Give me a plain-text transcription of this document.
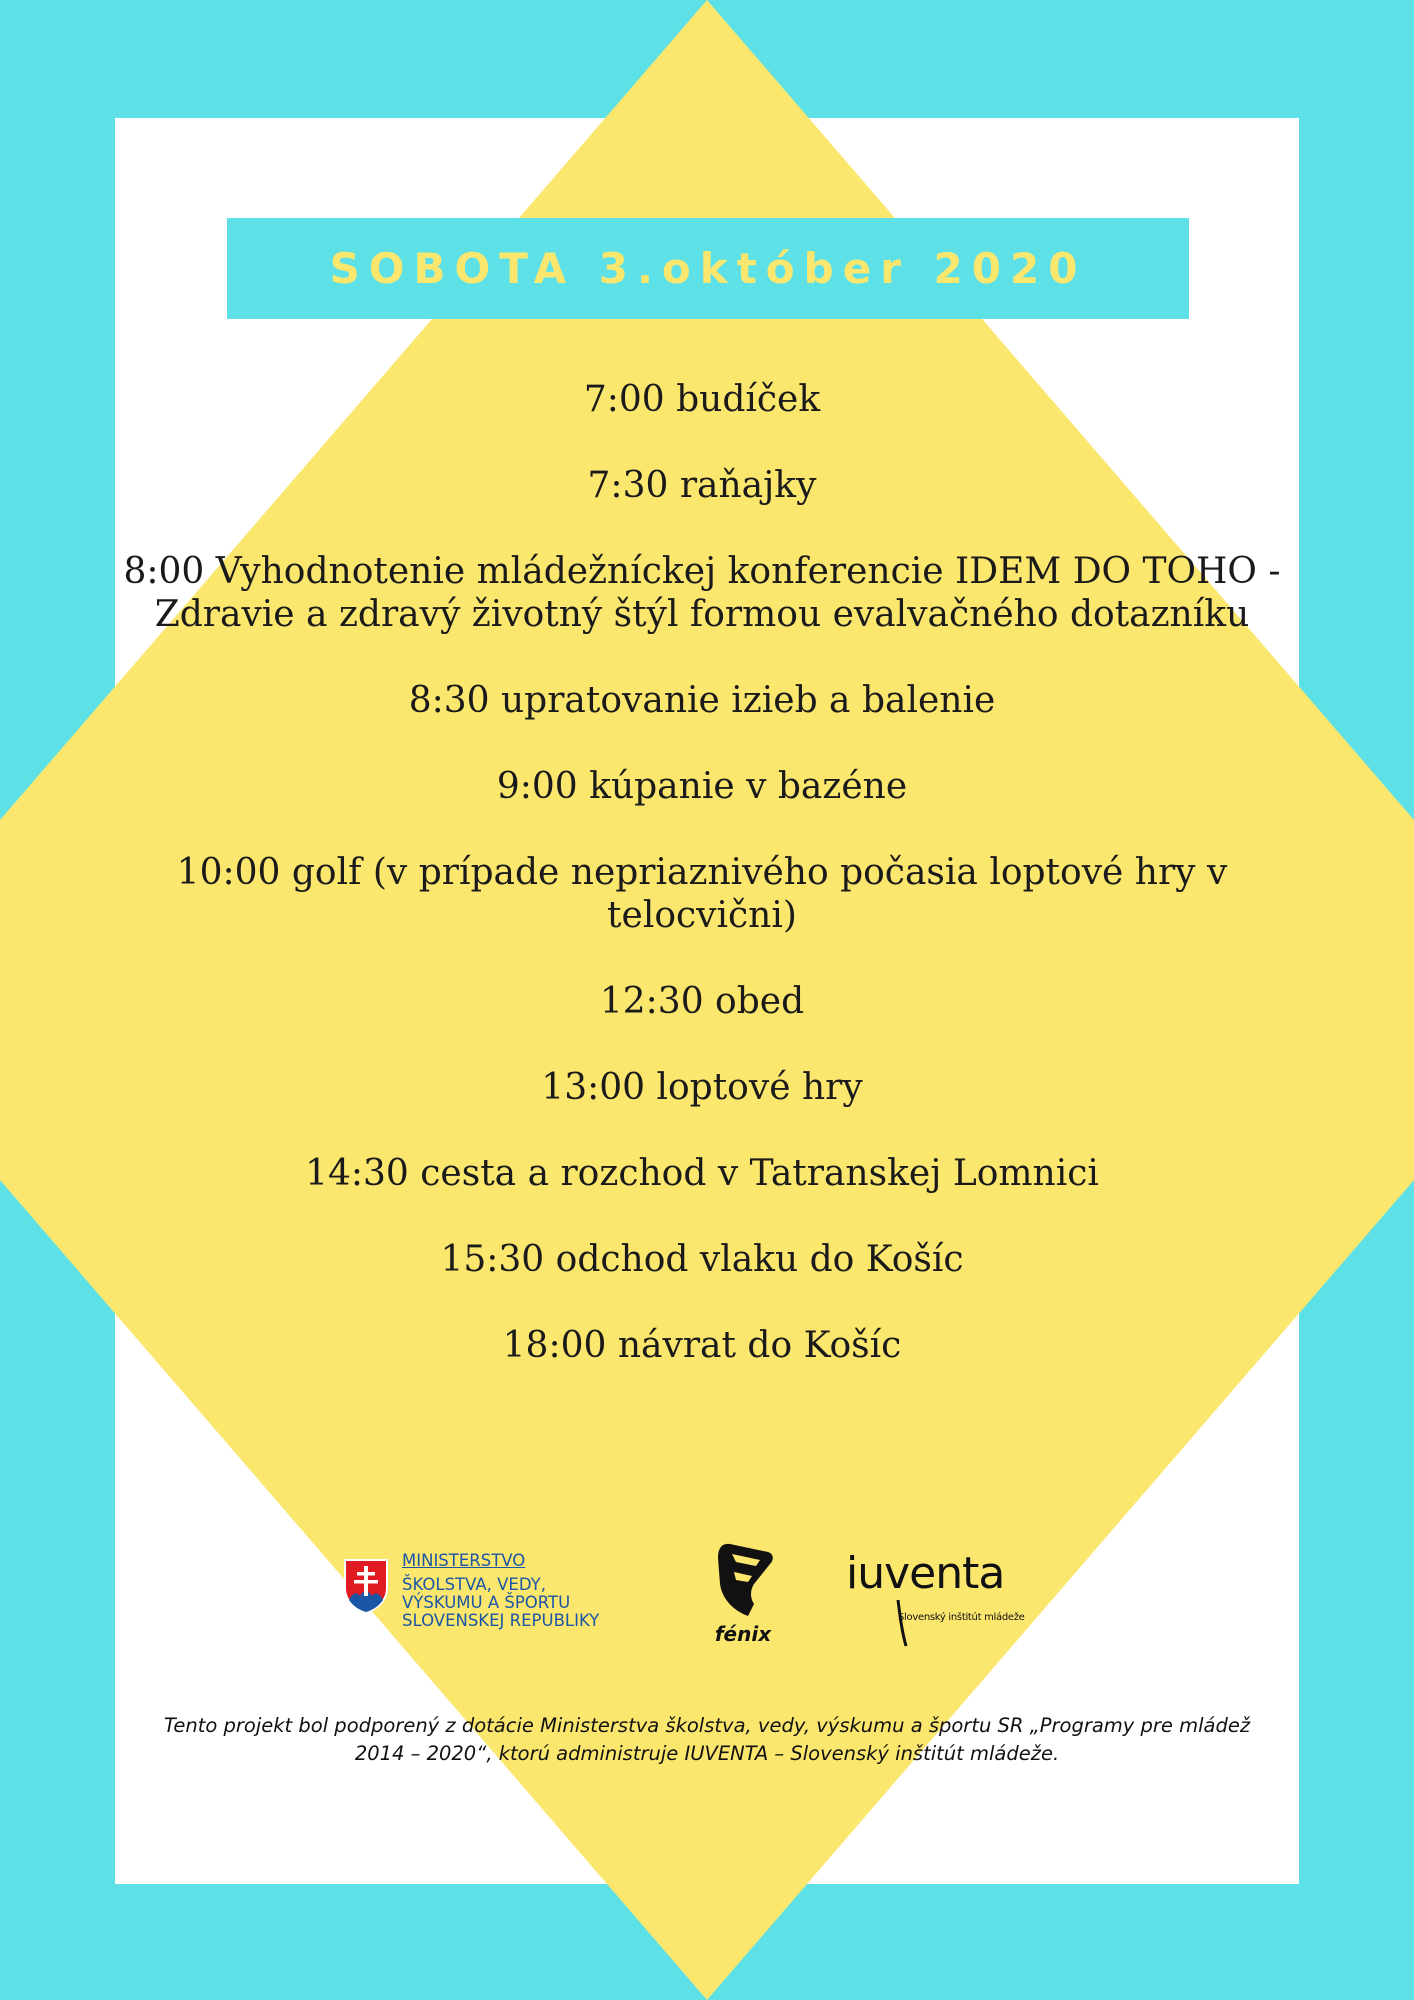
SOBOTA 3.október 2020
7:00 budíček
7:30 raňajky
8:00 Vyhodnotenie mládežníckej konferencie IDEM DO TOHO - Zdravie a zdravý životný štýl formou evalvačného dotazníku
8:30 upratovanie izieb a balenie
9:00 kúpanie v bazéne
10:00 golf (v prípade nepriaznivého počasia loptové hry v telocvični)
12:30 obed
13:00 loptové hry
14:30 cesta a rozchod v Tatranskej Lomnici
15:30 odchod vlaku do Košíc
18:00 návrat do Košíc
MINISTERSTVO
ŠKOLSTVA, VEDY,
VÝSKUMU A ŠPORTU
SLOVENSKEJ REPUBLIKY
fénix
iuventa
Slovenský inštitút mládeže
Tento projekt bol podporený z dotácie Ministerstva školstva, vedy, výskumu a športu SR „Programy pre mládež 2014 – 2020“, ktorú administruje IUVENTA – Slovenský inštitút mládeže.
